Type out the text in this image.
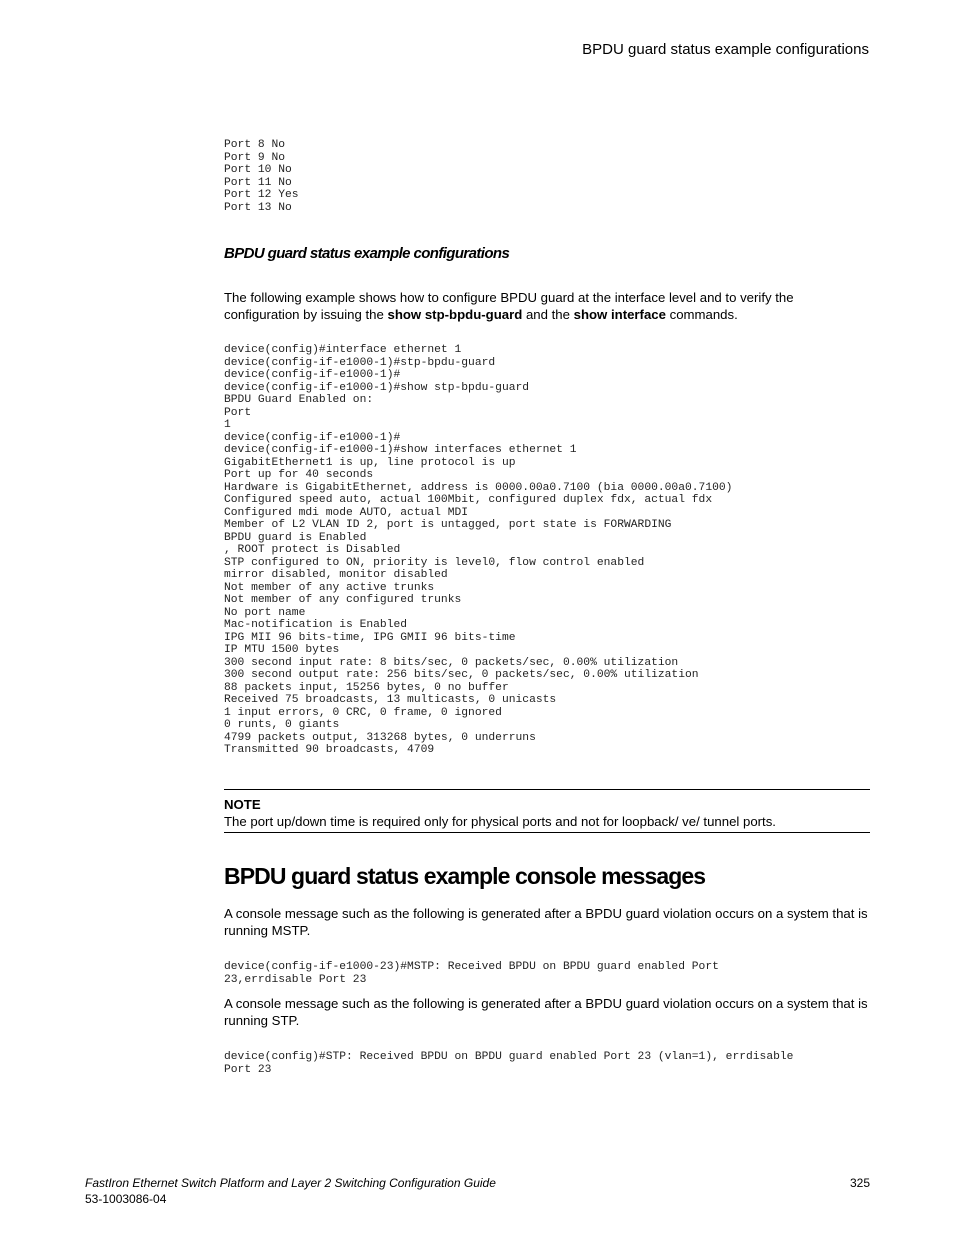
BPDU guard status example configurations
Port 8 No
Port 9 No
Port 10 No
Port 11 No
Port 12 Yes
Port 13 No
BPDU guard status example configurations
The following example shows how to configure BPDU guard at the interface level and to verify the configuration by issuing the show stp-bpdu-guard and the show interface commands.
device(config)#interface ethernet 1
device(config-if-e1000-1)#stp-bpdu-guard
device(config-if-e1000-1)#
device(config-if-e1000-1)#show stp-bpdu-guard
BPDU Guard Enabled on:
Port
1
device(config-if-e1000-1)#
device(config-if-e1000-1)#show interfaces ethernet 1
GigabitEthernet1 is up, line protocol is up
Port up for 40 seconds
Hardware is GigabitEthernet, address is 0000.00a0.7100 (bia 0000.00a0.7100)
Configured speed auto, actual 100Mbit, configured duplex fdx, actual fdx
Configured mdi mode AUTO, actual MDI
Member of L2 VLAN ID 2, port is untagged, port state is FORWARDING
BPDU guard is Enabled
, ROOT protect is Disabled
STP configured to ON, priority is level0, flow control enabled
mirror disabled, monitor disabled
Not member of any active trunks
Not member of any configured trunks
No port name
Mac-notification is Enabled
IPG MII 96 bits-time, IPG GMII 96 bits-time
IP MTU 1500 bytes
300 second input rate: 8 bits/sec, 0 packets/sec, 0.00% utilization
300 second output rate: 256 bits/sec, 0 packets/sec, 0.00% utilization
88 packets input, 15256 bytes, 0 no buffer
Received 75 broadcasts, 13 multicasts, 0 unicasts
1 input errors, 0 CRC, 0 frame, 0 ignored
0 runts, 0 giants
4799 packets output, 313268 bytes, 0 underruns
Transmitted 90 broadcasts, 4709
NOTE
The port up/down time is required only for physical ports and not for loopback/ ve/ tunnel ports.
BPDU guard status example console messages
A console message such as the following is generated after a BPDU guard violation occurs on a system that is running MSTP.
device(config-if-e1000-23)#MSTP: Received BPDU on BPDU guard enabled Port
23,errdisable Port 23
A console message such as the following is generated after a BPDU guard violation occurs on a system that is running STP.
device(config)#STP: Received BPDU on BPDU guard enabled Port 23 (vlan=1), errdisable
Port 23
FastIron Ethernet Switch Platform and Layer 2 Switching Configuration Guide
53-1003086-04
325
